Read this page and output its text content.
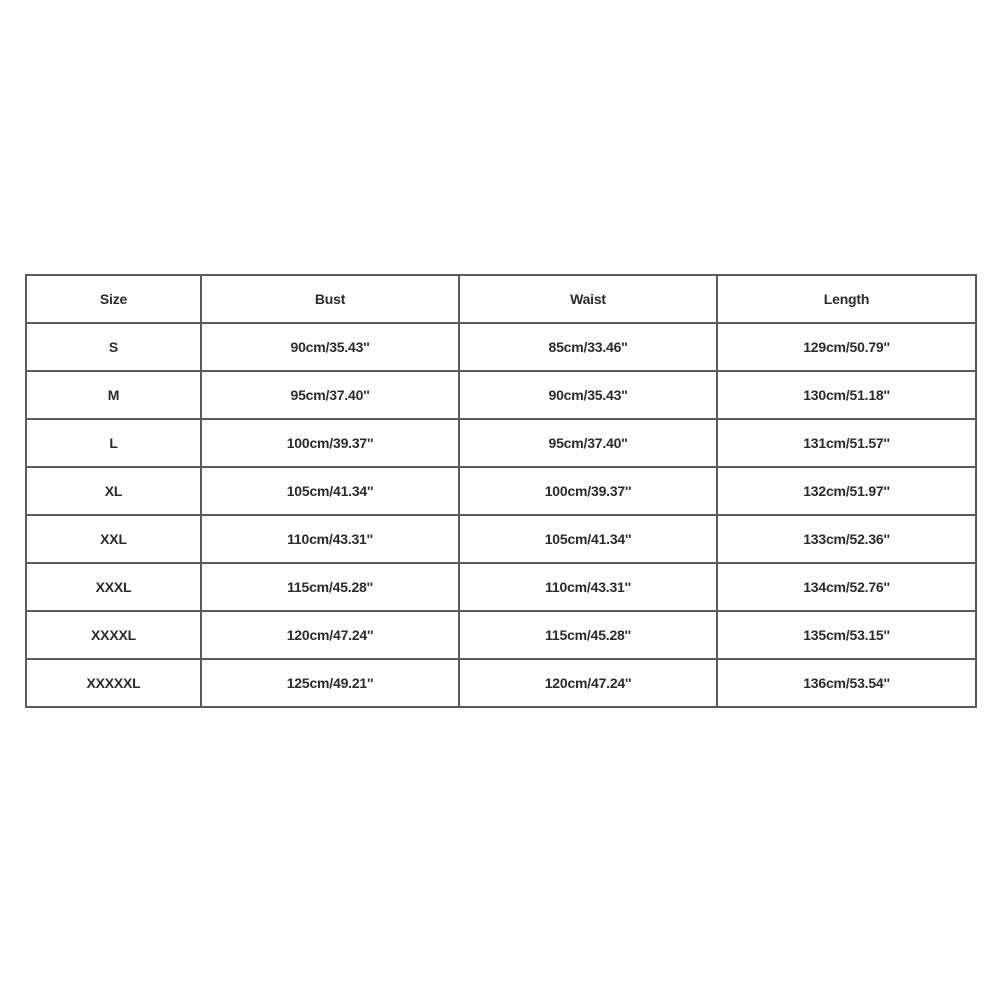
Size	Bust	Waist	Length
S	90cm/35.43''	85cm/33.46''	129cm/50.79''
M	95cm/37.40''	90cm/35.43''	130cm/51.18''
L	100cm/39.37''	95cm/37.40''	131cm/51.57''
XL	105cm/41.34''	100cm/39.37''	132cm/51.97''
XXL	110cm/43.31''	105cm/41.34''	133cm/52.36''
XXXL	115cm/45.28''	110cm/43.31''	134cm/52.76''
XXXXL	120cm/47.24''	115cm/45.28''	135cm/53.15''
XXXXXL	125cm/49.21''	120cm/47.24''	136cm/53.54''
